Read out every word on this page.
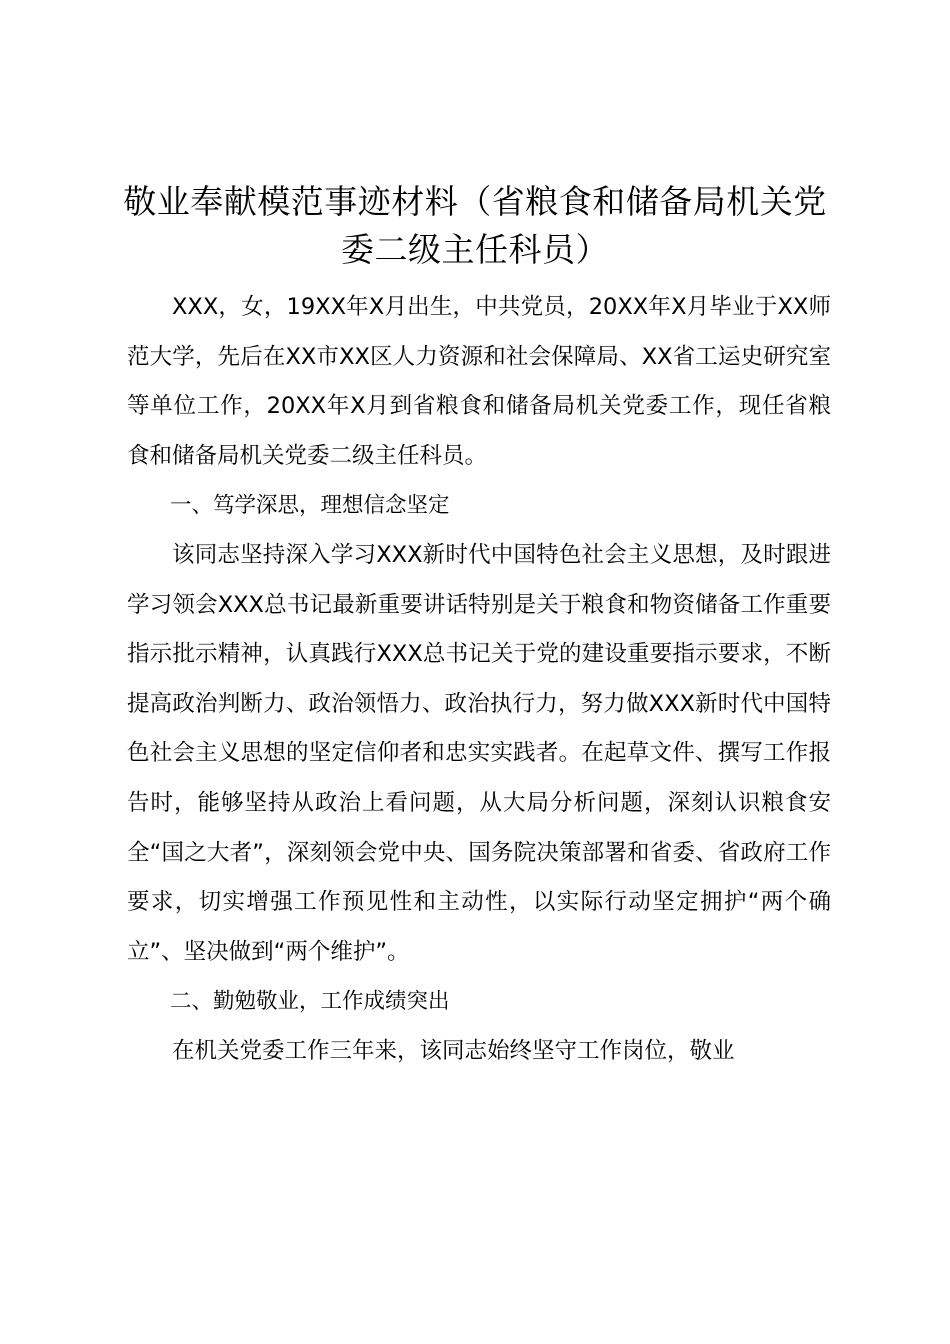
敬业奉献模范事迹材料（省粮食和储备局机关党委二级主任科员）

XXX，女，19XX年X月出生，中共党员，20XX年X月毕业于XX师范大学，先后在XX市XX区人力资源和社会保障局、XX省工运史研究室等单位工作，20XX年X月到省粮食和储备局机关党委工作，现任省粮食和储备局机关党委二级主任科员。

一、笃学深思，理想信念坚定

该同志坚持深入学习XXX新时代中国特色社会主义思想，及时跟进学习领会XXX总书记最新重要讲话特别是关于粮食和物资储备工作重要指示批示精神，认真践行XXX总书记关于党的建设重要指示要求，不断提高政治判断力、政治领悟力、政治执行力，努力做XXX新时代中国特色社会主义思想的坚定信仰者和忠实实践者。在起草文件、撰写工作报告时，能够坚持从政治上看问题，从大局分析问题，深刻认识粮食安全“国之大者”，深刻领会党中央、国务院决策部署和省委、省政府工作要求，切实增强工作预见性和主动性，以实际行动坚定拥护“两个确立”、坚决做到“两个维护”。

二、勤勉敬业，工作成绩突出

在机关党委工作三年来，该同志始终坚守工作岗位，敬业
